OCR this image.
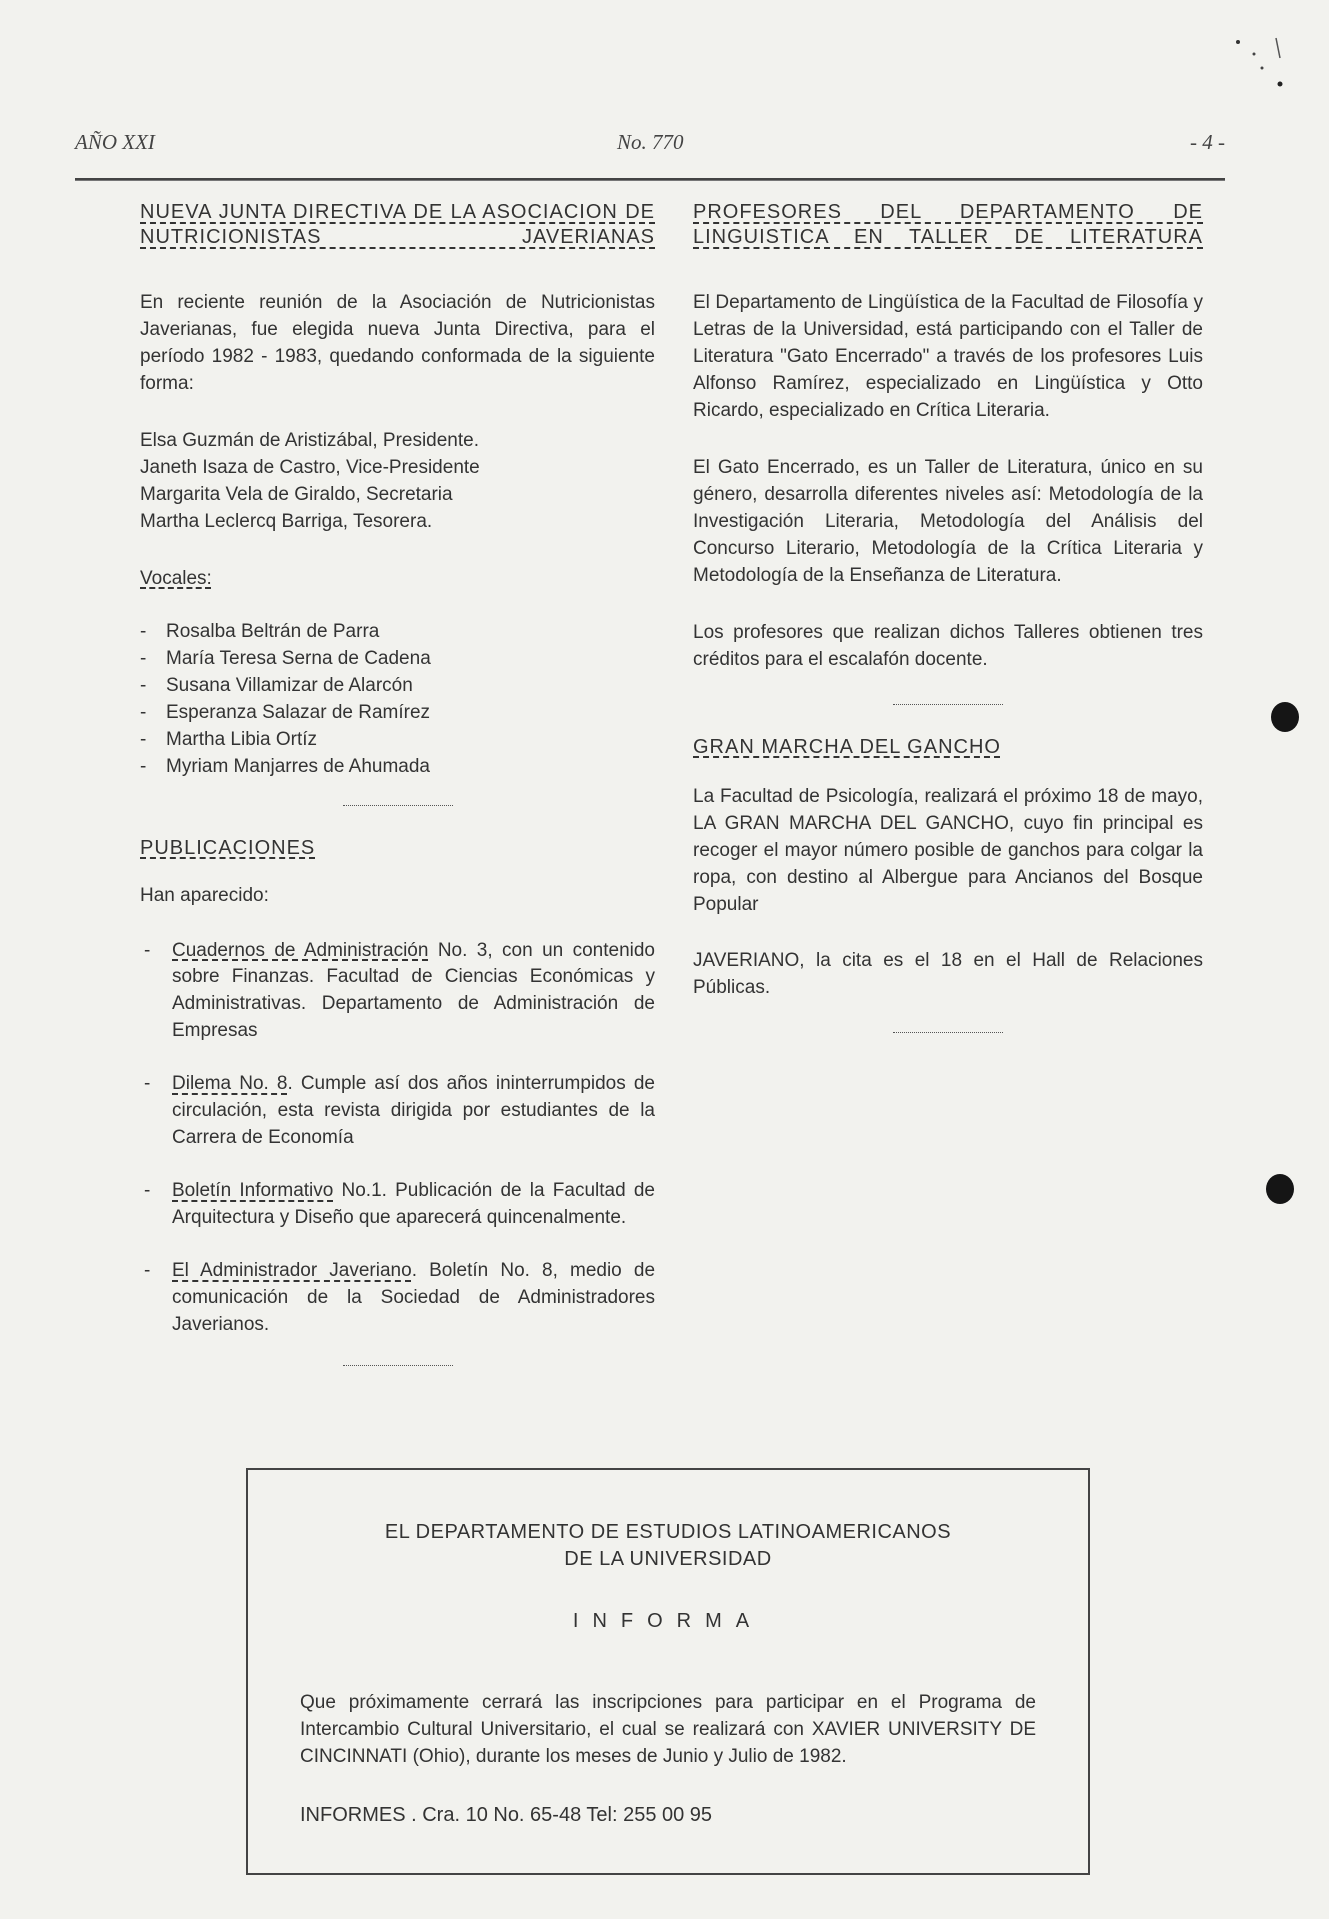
AÑO XXI	No. 770	- 4 -
NUEVA JUNTA DIRECTIVA DE LA ASOCIACION DE NUTRICIONISTAS JAVERIANAS

En reciente reunión de la Asociación de Nutricionistas Javerianas, fue elegida nueva Junta Directiva, para el período 1982 - 1983, quedando conformada de la siguiente forma:

Elsa Guzmán de Aristizábal, Presidente.
Janeth Isaza de Castro, Vice-Presidente
Margarita Vela de Giraldo, Secretaria
Martha Leclercq Barriga, Tesorera.
Vocales:
- Rosalba Beltrán de Parra
- María Teresa Serna de Cadena
- Susana Villamizar de Alarcón
- Esperanza Salazar de Ramírez
- Martha Libia Ortíz
- Myriam Manjarres de Ahumada
PUBLICACIONES

Han aparecido:

- Cuadernos de Administración No. 3, con un contenido sobre Finanzas. Facultad de Ciencias Económicas y Administrativas. Departamento de Administración de Empresas
- Dilema No. 8. Cumple así dos años ininterrumpidos de circulación, esta revista dirigida por estudiantes de la Carrera de Economía
- Boletín Informativo No.1. Publicación de la Facultad de Arquitectura y Diseño que aparecerá quincenalmente.
- El Administrador Javeriano. Boletín No. 8, medio de comunicación de la Sociedad de Administradores Javerianos.
PROFESORES DEL DEPARTAMENTO DE LINGUISTICA EN TALLER DE LITERATURA

El Departamento de Lingüística de la Facultad de Filosofía y Letras de la Universidad, está participando con el Taller de Literatura "Gato Encerrado" a través de los profesores Luis Alfonso Ramírez, especializado en Lingüística y Otto Ricardo, especializado en Crítica Literaria.

El Gato Encerrado, es un Taller de Literatura, único en su género, desarrolla diferentes niveles así: Metodología de la Investigación Literaria, Metodología del Análisis del Concurso Literario, Metodología de la Crítica Literaria y Metodología de la Enseñanza de Literatura.

Los profesores que realizan dichos Talleres obtienen tres créditos para el escalafón docente.

GRAN MARCHA DEL GANCHO

La Facultad de Psicología, realizará el próximo 18 de mayo, LA GRAN MARCHA DEL GANCHO, cuyo fin principal es recoger el mayor número posible de ganchos para colgar la ropa, con destino al Albergue para Ancianos del Bosque Popular

JAVERIANO, la cita es el 18 en el Hall de Relaciones Públicas.

EL DEPARTAMENTO DE ESTUDIOS LATINOAMERICANOS
DE LA UNIVERSIDAD
INFORMA

Que próximamente cerrará las inscripciones para participar en el Programa de Intercambio Cultural Universitario, el cual se realizará con XAVIER UNIVERSITY DE CINCINNATI (Ohio), durante los meses de Junio y Julio de 1982.

INFORMES . Cra. 10 No. 65-48 Tel: 255 00 95
